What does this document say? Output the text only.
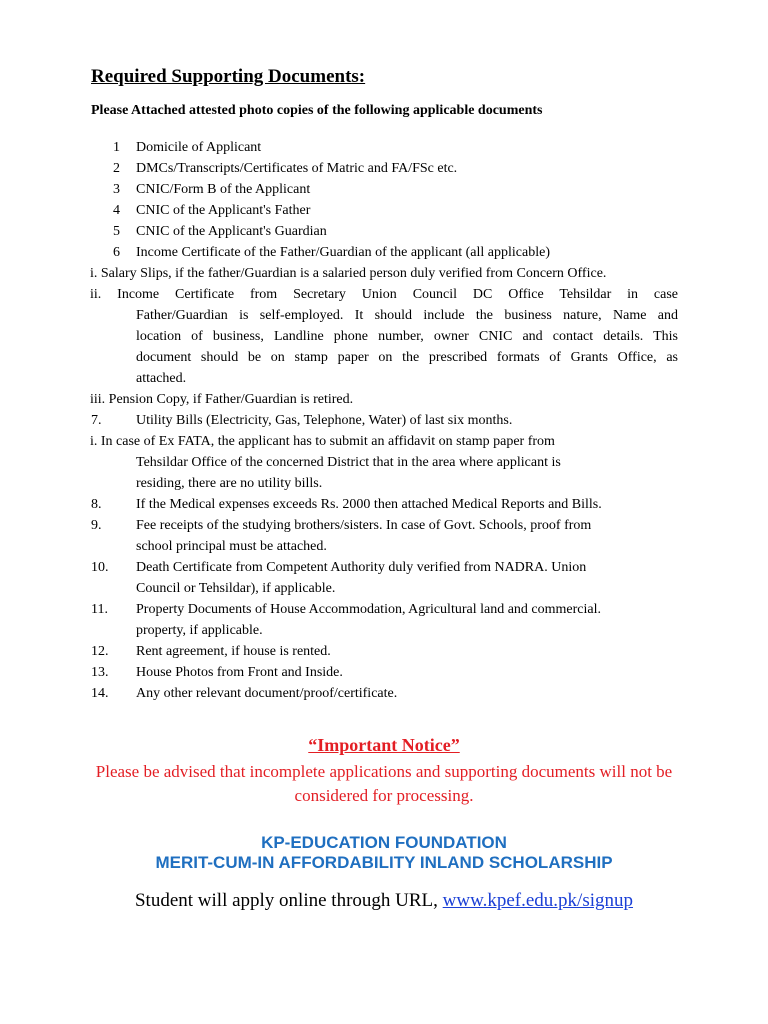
Required Supporting Documents:

Please Attached attested photo copies of the following applicable documents

1 Domicile of Applicant
2 DMCs/Transcripts/Certificates of Matric and FA/FSc etc.
3 CNIC/Form B of the Applicant
4 CNIC of the Applicant's Father
5 CNIC of the Applicant's Guardian
6 Income Certificate of the Father/Guardian of the applicant (all applicable)
i. Salary Slips, if the father/Guardian is a salaried person duly verified from Concern Office.
ii. Income Certificate from Secretary Union Council DC Office Tehsildar in case
Father/Guardian is self-employed. It should include the business nature, Name and
location of business, Landline phone number, owner CNIC and contact details. This
document should be on stamp paper on the prescribed formats of Grants Office, as
attached.
iii. Pension Copy, if Father/Guardian is retired.
7. Utility Bills (Electricity, Gas, Telephone, Water) of last six months.
i. In case of Ex FATA, the applicant has to submit an affidavit on stamp paper from
Tehsildar Office of the concerned District that in the area where applicant is
residing, there are no utility bills.
8. If the Medical expenses exceeds Rs. 2000 then attached Medical Reports and Bills.
9. Fee receipts of the studying brothers/sisters. In case of Govt. Schools, proof from
school principal must be attached.
10. Death Certificate from Competent Authority duly verified from NADRA. Union
Council or Tehsildar), if applicable.
11. Property Documents of House Accommodation, Agricultural land and commercial.
property, if applicable.
12. Rent agreement, if house is rented.
13. House Photos from Front and Inside.
14. Any other relevant document/proof/certificate.

“Important Notice”

Please be advised that incomplete applications and supporting documents will not be considered for processing.

KP-EDUCATION FOUNDATION

MERIT-CUM-IN AFFORDABILITY INLAND SCHOLARSHIP

Student will apply online through URL, www.kpef.edu.pk/signup
